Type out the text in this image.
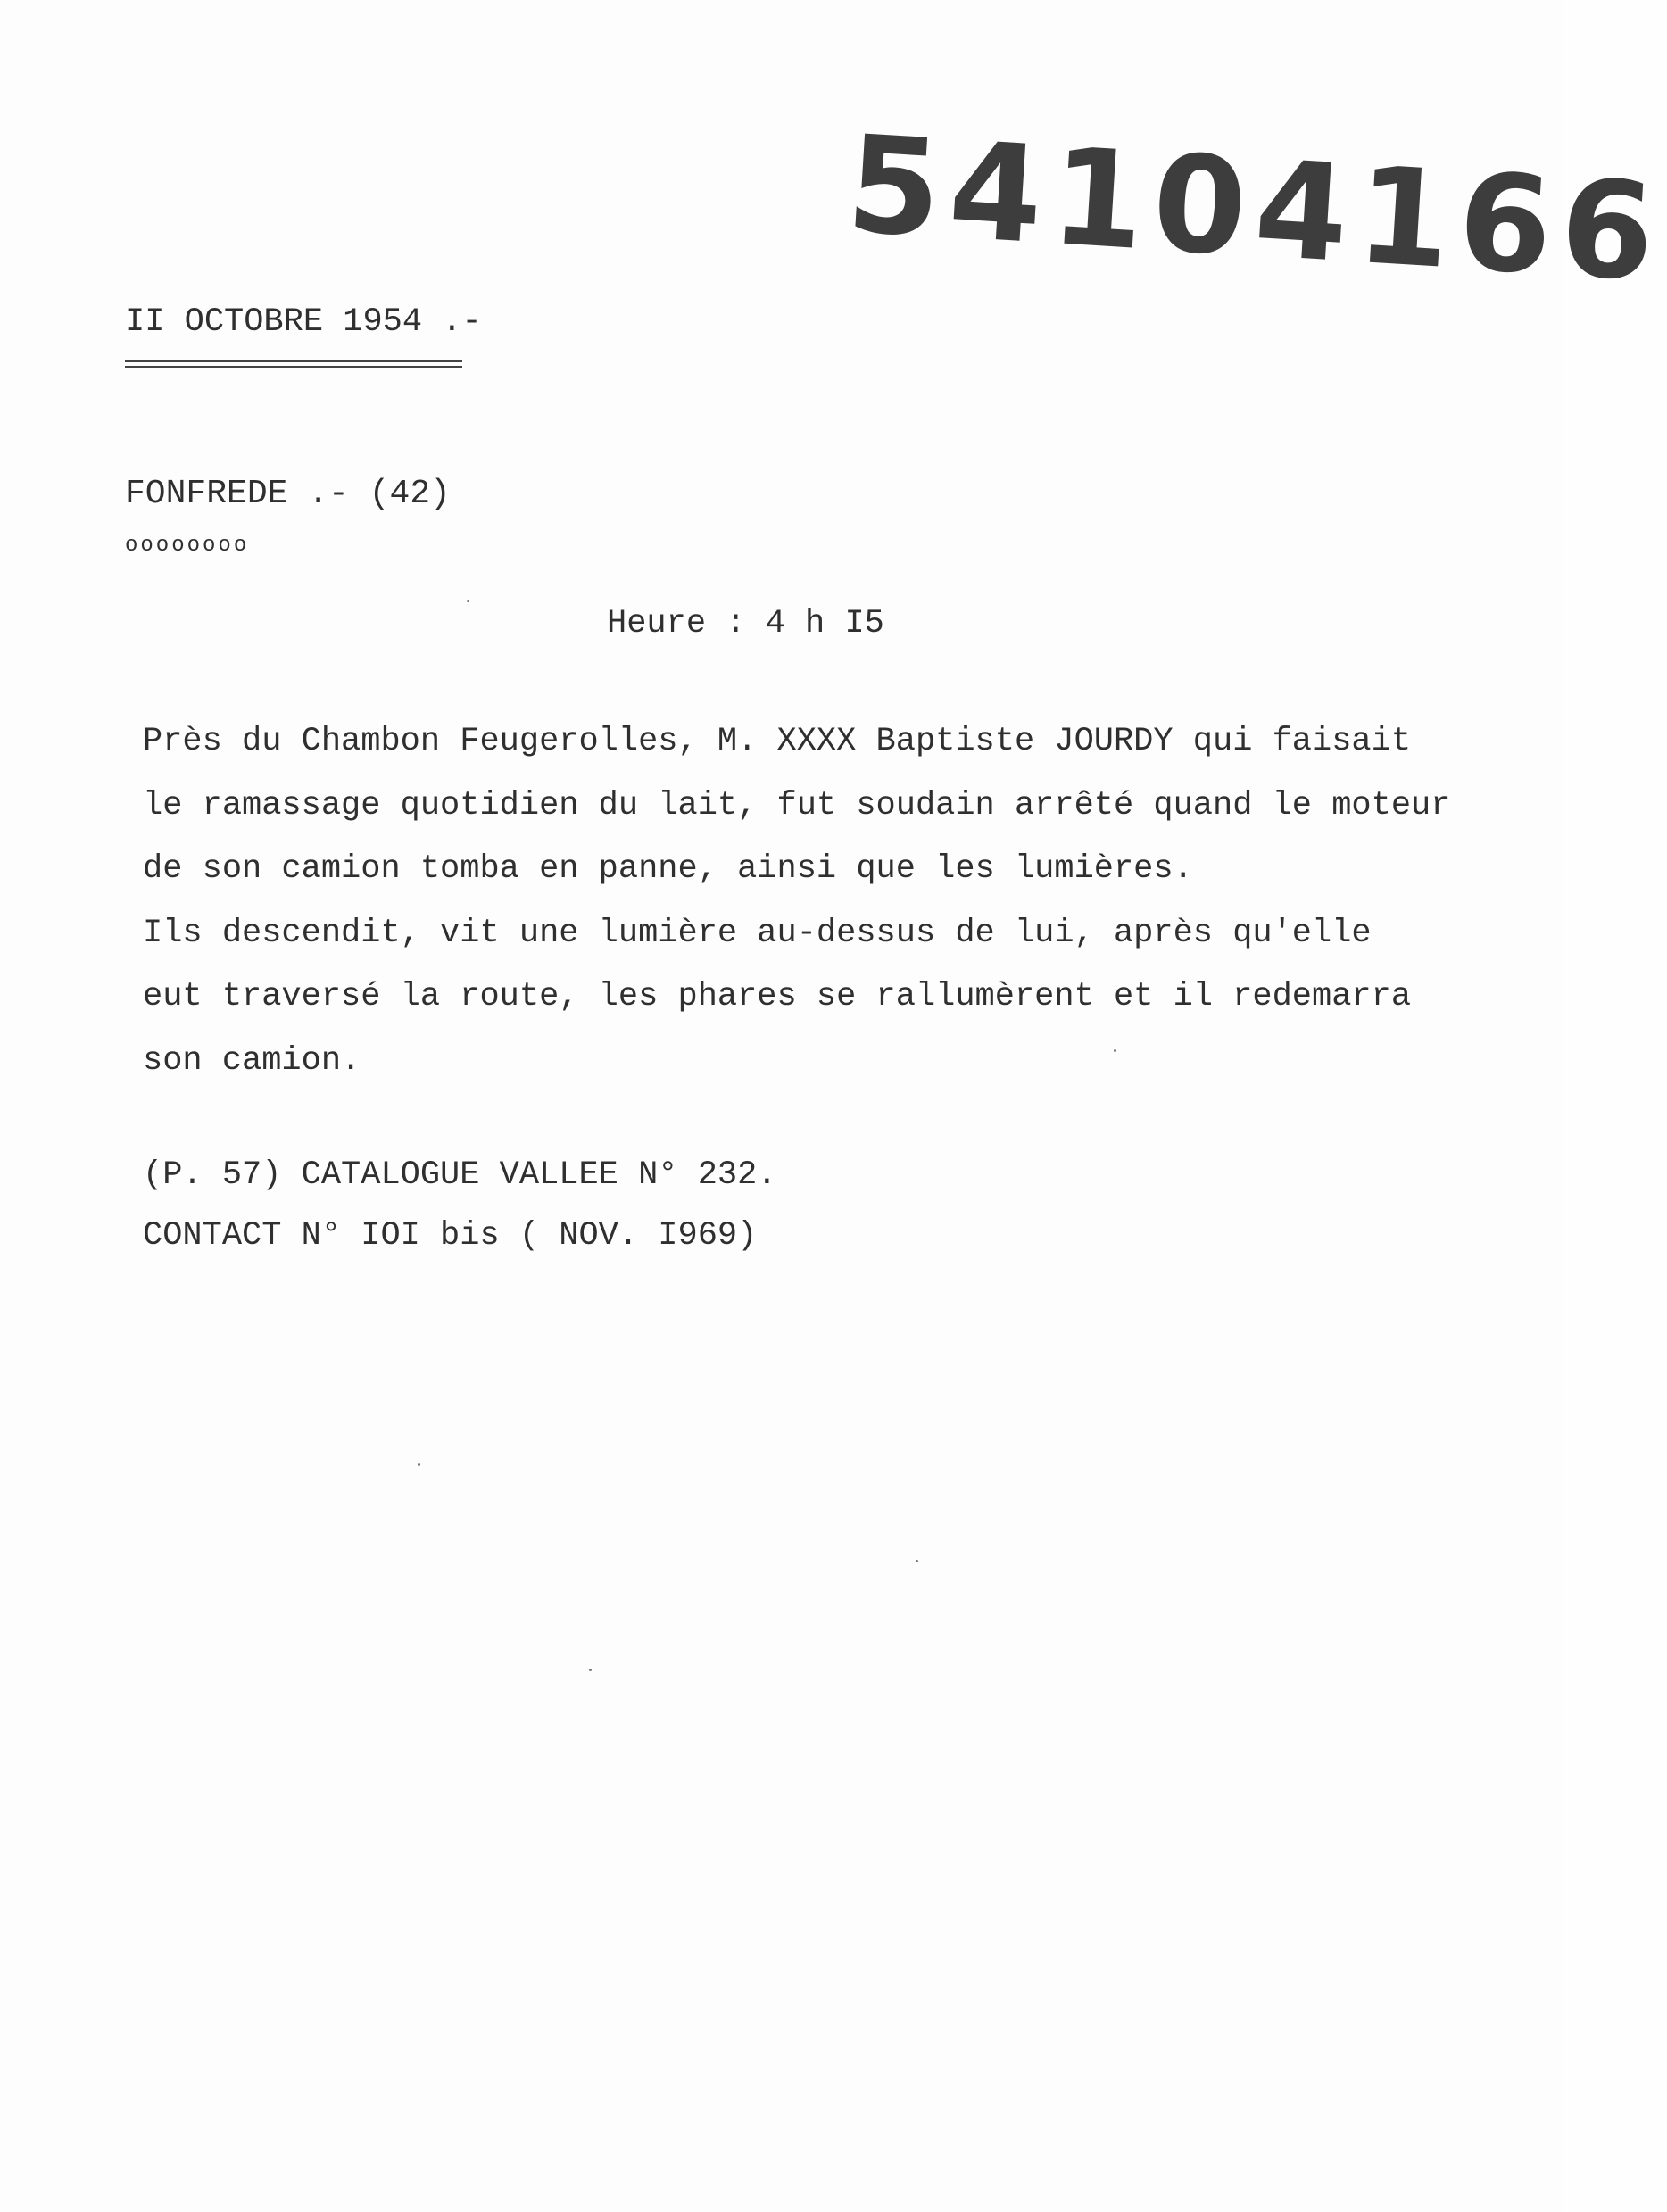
54104166
II OCTOBRE 1954 .-
FONFREDE .- (42)
oooooooo
Heure : 4 h I5
Près du Chambon Feugerolles, M. XXXX Baptiste JOURDY qui faisait
le ramassage quotidien du lait, fut soudain arrêté quand le moteur
de son camion tomba en panne, ainsi que les lumières.
Ils descendit, vit une lumière au-dessus de lui, après qu'elle
eut traversé la route, les phares se rallumèrent et il redemarra
son camion.
(P. 57) CATALOGUE VALLEE N° 232.
CONTACT N° IOI bis ( NOV. I969)
